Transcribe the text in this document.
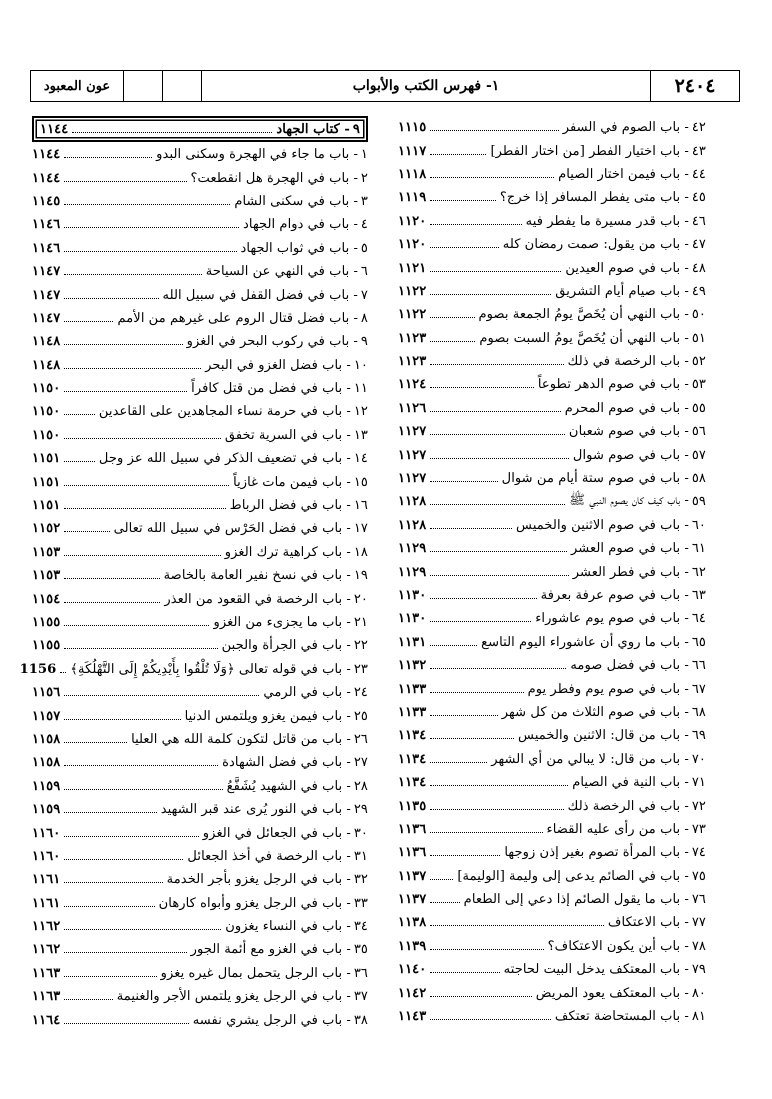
٢٤٠٤
١- فهرس الكتب والأبواب
عون المعبود
٤٢
- باب الصوم في السفر
١١١٥
٤٣
- باب اختيار الفطر [من اختار الفطر]
١١١٧
٤٤
- باب فيمن اختار الصيام
١١١٨
٤٥
- باب متى يفطر المسافر إذا خرج؟
١١١٩
٤٦
- باب قدر مسيرة ما يفطر فيه
١١٢٠
٤٧
- باب من يقول: صمت رمضان كله
١١٢٠
٤٨
- باب في صوم العيدين
١١٢١
٤٩
- باب صيام أيام التشريق
١١٢٢
٥٠
- باب النهي أن يُخَصَّ يومُ الجمعة بصوم
١١٢٢
٥١
- باب النهي أن يُخَصَّ يومُ السبت بصوم
١١٢٣
٥٢
- باب الرخصة في ذلك
١١٢٣
٥٣
- باب في صوم الدهر تطوعاً
١١٢٤
٥٥
- باب في صوم المحرم
١١٢٦
٥٦
- باب في صوم شعبان
١١٢٧
٥٧
- باب في صوم شوال
١١٢٧
٥٨
- باب في صوم ستة أيام من شوال
١١٢٧
٥٩
- باب كيف كان يصوم النبي ﷺ
١١٢٨
٦٠
- باب في صوم الاثنين والخميس
١١٢٨
٦١
- باب في صوم العشر
١١٢٩
٦٢
- باب في فطر العشر
١١٢٩
٦٣
- باب في صوم عرفة بعرفة
١١٣٠
٦٤
- باب في صوم يوم عاشوراء
١١٣٠
٦٥
- باب ما روي أن عاشوراء اليوم التاسع
١١٣١
٦٦
- باب في فضل صومه
١١٣٢
٦٧
- باب في صوم يوم وفطر يوم
١١٣٣
٦٨
- باب في صوم الثلاث من كل شهر
١١٣٣
٦٩
- باب من قال: الاثنين والخميس
١١٣٤
٧٠
- باب من قال: لا يبالي من أي الشهر
١١٣٤
٧١
- باب النية في الصيام
١١٣٤
٧٢
- باب في الرخصة ذلك
١١٣٥
٧٣
- باب من رأى عليه القضاء
١١٣٦
٧٤
- باب المرأة تصوم بغير إذن زوجها
١١٣٦
٧٥
- باب في الصائم يدعى إلى وليمة [الوليمة]
١١٣٧
٧٦
- باب ما يقول الصائم إذا دعي إلى الطعام
١١٣٧
٧٧
- باب الاعتكاف
١١٣٨
٧٨
- باب أين يكون الاعتكاف؟
١١٣٩
٧٩
- باب المعتكف يدخل البيت لحاجته
١١٤٠
٨٠
- باب المعتكف يعود المريض
١١٤٢
٨١
- باب المستحاضة تعتكف
١١٤٣
٩
- كتاب الجهاد
١١٤٤
١
- باب ما جاء في الهجرة وسكنى البدو
١١٤٤
٢
- باب في الهجرة هل انقطعت؟
١١٤٤
٣
- باب في سكنى الشام
١١٤٥
٤
- باب في دوام الجهاد
١١٤٦
٥
- باب في ثواب الجهاد
١١٤٦
٦
- باب في النهي عن السياحة
١١٤٧
٧
- باب في فضل القفل في سبيل الله
١١٤٧
٨
- باب فضل قتال الروم على غيرهم من الأمم
١١٤٧
٩
- باب في ركوب البحر في الغزو
١١٤٨
١٠
- باب فضل الغزو في البحر
١١٤٨
١١
- باب في فضل من قتل كافراً
١١٥٠
١٢
- باب في حرمة نساء المجاهدين على القاعدين
١١٥٠
١٣
- باب في السرية تخفق
١١٥٠
١٤
- باب في تضعيف الذكر في سبيل الله عز وجل
١١٥١
١٥
- باب فيمن مات غازياً
١١٥١
١٦
- باب في فضل الرباط
١١٥١
١٧
- باب في فضل الحَرْس في سبيل الله تعالى
١١٥٢
١٨
- باب كراهية ترك الغزو
١١٥٣
١٩
- باب في نسخ نفير العامة بالخاصة
١١٥٣
٢٠
- باب الرخصة في القعود من العذر
١١٥٤
٢١
- باب ما يجزىء من الغزو
١١٥٥
٢٢
- باب في الجرأة والجبن
١١٥٥
٢٣
- باب في قوله تعالى ﴿وَلَا تُلْقُوا بِأَيْدِيكُمْ إِلَى التَّهْلُكَةِ﴾
1156
٢٤
- باب في الرمي
١١٥٦
٢٥
- باب فيمن يغزو ويلتمس الدنيا
١١٥٧
٢٦
- باب من قاتل لتكون كلمة الله هي العليا
١١٥٨
٢٧
- باب في فضل الشهادة
١١٥٨
٢٨
- باب في الشهيد يُشَفَّعُ
١١٥٩
٢٩
- باب في النور يُرى عند قبر الشهيد
١١٥٩
٣٠
- باب في الجعائل في الغزو
١١٦٠
٣١
- باب الرخصة في أخذ الجعائل
١١٦٠
٣٢
- باب في الرجل يغزو بأجر الخدمة
١١٦١
٣٣
- باب في الرجل يغزو وأبواه كارهان
١١٦١
٣٤
- باب في النساء يغزون
١١٦٢
٣٥
- باب في الغزو مع أئمة الجور
١١٦٢
٣٦
- باب الرجل يتحمل بمال غيره يغزو
١١٦٣
٣٧
- باب في الرجل يغزو يلتمس الأجر والغنيمة
١١٦٣
٣٨
- باب في الرجل يشري نفسه
١١٦٤
